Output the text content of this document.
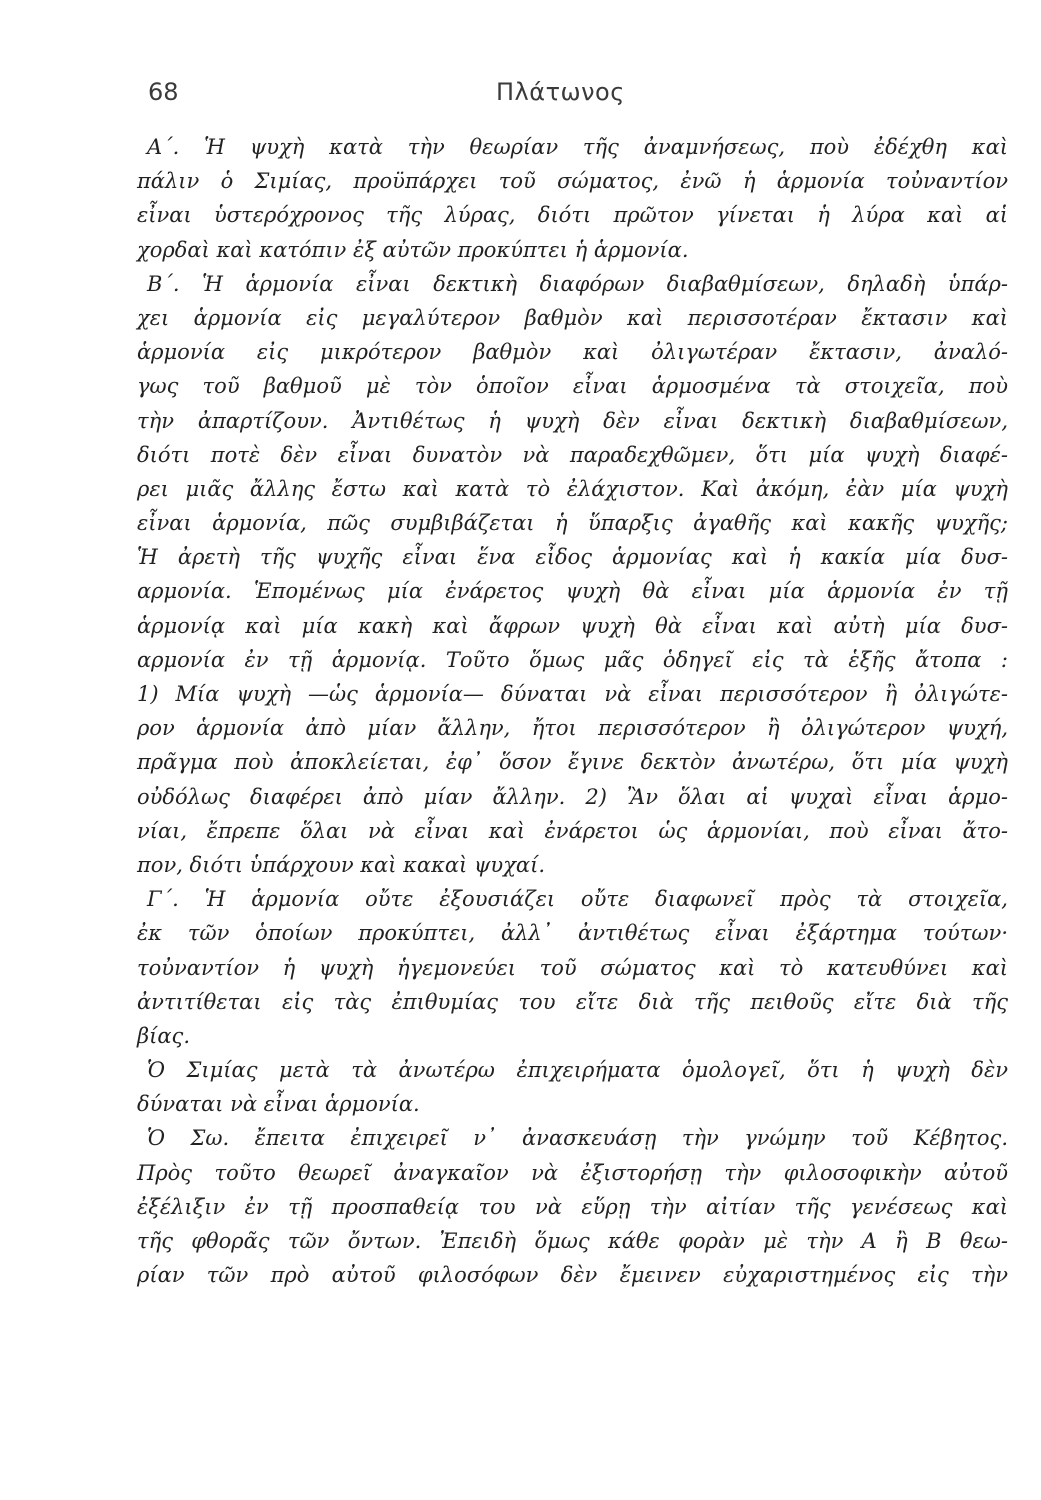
68	Πλάτωνος
A΄. Ἡ ψυχὴ κατὰ τὴν θεωρίαν τῆς ἀναμνήσεως, ποὺ ἐδέχθη καὶ
πάλιν ὁ Σιμίας, προϋπάρχει τοῦ σώματος, ἐνῶ ἡ ἁρμονία τοὐναντίον
εἶναι ὑστερόχρονος τῆς λύρας, διότι πρῶτον γίνεται ἡ λύρα καὶ αἱ
χορδαὶ καὶ κατόπιν ἐξ αὐτῶν προκύπτει ἡ ἁρμονία.
B΄. Ἡ ἁρμονία εἶναι δεκτικὴ διαφόρων διαβαθμίσεων, δηλαδὴ ὑπάρ-
χει ἁρμονία εἰς μεγαλύτερον βαθμὸν καὶ περισσοτέραν ἔκτασιν καὶ
ἁρμονία εἰς μικρότερον βαθμὸν καὶ ὀλιγωτέραν ἔκτασιν, ἀναλό-
γως τοῦ βαθμοῦ μὲ τὸν ὁποῖον εἶναι ἁρμοσμένα τὰ στοιχεῖα, ποὺ
τὴν ἀπαρτίζουν. Ἀντιθέτως ἡ ψυχὴ δὲν εἶναι δεκτικὴ διαβαθμίσεων,
διότι ποτὲ δὲν εἶναι δυνατὸν νὰ παραδεχθῶμεν, ὅτι μία ψυχὴ διαφέ-
ρει μιᾶς ἄλλης ἔστω καὶ κατὰ τὸ ἐλάχιστον. Καὶ ἀκόμη, ἐὰν μία ψυχὴ
εἶναι ἁρμονία, πῶς συμβιβάζεται ἡ ὕπαρξις ἀγαθῆς καὶ κακῆς ψυχῆς;
Ἡ ἀρετὴ τῆς ψυχῆς εἶναι ἕνα εἶδος ἁρμονίας καὶ ἡ κακία μία δυσ-
αρμονία. Ἑπομένως μία ἐνάρετος ψυχὴ θὰ εἶναι μία ἁρμονία ἐν τῇ
ἁρμονίᾳ καὶ μία κακὴ καὶ ἄφρων ψυχὴ θὰ εἶναι καὶ αὐτὴ μία δυσ-
αρμονία ἐν τῇ ἁρμονίᾳ. Τοῦτο ὅμως μᾶς ὁδηγεῖ εἰς τὰ ἑξῆς ἄτοπα :
1) Μία ψυχὴ —ὡς ἁρμονία— δύναται νὰ εἶναι περισσότερον ἢ ὀλιγώτε-
ρον ἁρμονία ἀπὸ μίαν ἄλλην, ἤτοι περισσότερον ἢ ὀλιγώτερον ψυχή,
πρᾶγμα ποὺ ἀποκλείεται, ἐφ᾽ ὅσον ἔγινε δεκτὸν ἀνωτέρω, ὅτι μία ψυχὴ
οὐδόλως διαφέρει ἀπὸ μίαν ἄλλην. 2) Ἂν ὅλαι αἱ ψυχαὶ εἶναι ἁρμο-
νίαι, ἔπρεπε ὅλαι νὰ εἶναι καὶ ἐνάρετοι ὡς ἁρμονίαι, ποὺ εἶναι ἄτο-
πον, διότι ὑπάρχουν καὶ κακαὶ ψυχαί.
Γ΄. Ἡ ἁρμονία οὔτε ἐξουσιάζει οὔτε διαφωνεῖ πρὸς τὰ στοιχεῖα,
ἐκ τῶν ὁποίων προκύπτει, ἀλλ᾽ ἀντιθέτως εἶναι ἐξάρτημα τούτων·
τοὐναντίον ἡ ψυχὴ ἡγεμονεύει τοῦ σώματος καὶ τὸ κατευθύνει καὶ
ἀντιτίθεται εἰς τὰς ἐπιθυμίας του εἴτε διὰ τῆς πειθοῦς εἴτε διὰ τῆς
βίας.
Ὁ Σιμίας μετὰ τὰ ἀνωτέρω ἐπιχειρήματα ὁμολογεῖ, ὅτι ἡ ψυχὴ δὲν
δύναται νὰ εἶναι ἁρμονία.
Ὁ Σω. ἔπειτα ἐπιχειρεῖ ν᾽ ἀνασκευάσῃ τὴν γνώμην τοῦ Κέβητος.
Πρὸς τοῦτο θεωρεῖ ἀναγκαῖον νὰ ἐξιστορήσῃ τὴν φιλοσοφικὴν αὐτοῦ
ἐξέλιξιν ἐν τῇ προσπαθείᾳ του νὰ εὕρῃ τὴν αἰτίαν τῆς γενέσεως καὶ
τῆς φθορᾶς τῶν ὄντων. Ἐπειδὴ ὅμως κάθε φορὰν μὲ τὴν Α ἢ Β θεω-
ρίαν τῶν πρὸ αὐτοῦ φιλοσόφων δὲν ἔμεινεν εὐχαριστημένος εἰς τὴν
